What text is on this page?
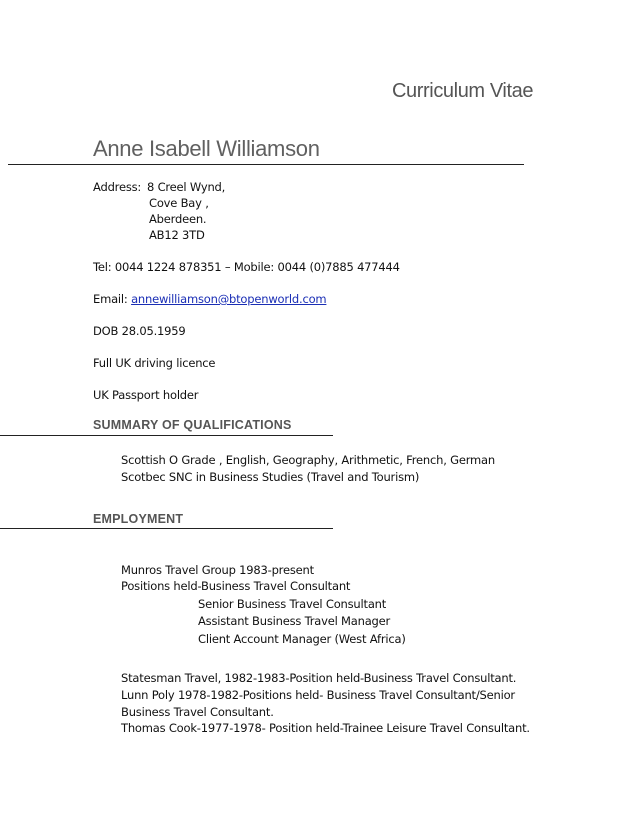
Curriculum Vitae
Anne Isabell Williamson
Address: 8 Creel Wynd,
Cove Bay ,
Aberdeen.
AB12 3TD
Tel: 0044 1224 878351 – Mobile: 0044 (0)7885 477444
Email: annewilliamson@btopenworld.com
DOB 28.05.1959
Full UK driving licence
UK Passport holder
SUMMARY OF QUALIFICATIONS
Scottish O Grade , English, Geography, Arithmetic, French, German
Scotbec SNC in Business Studies (Travel and Tourism)
EMPLOYMENT
Munros Travel Group 1983-present
Positions held-Business Travel Consultant
Senior Business Travel Consultant
Assistant Business Travel Manager
Client Account Manager (West Africa)
Statesman Travel, 1982-1983-Position held-Business Travel Consultant.
Lunn Poly 1978-1982-Positions held- Business Travel Consultant/Senior
Business Travel Consultant.
Thomas Cook-1977-1978- Position held-Trainee Leisure Travel Consultant.
